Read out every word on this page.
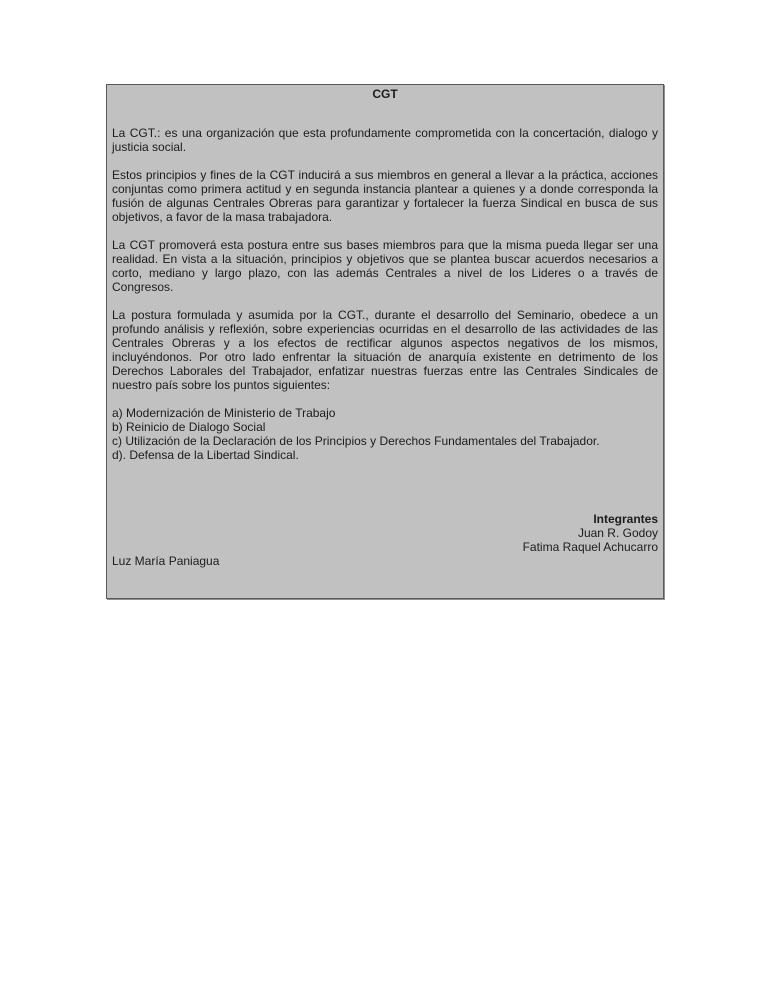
CGT
La CGT.: es una organización que esta profundamente comprometida con la concertación, dialogo y justicia social.
Estos principios y fines de la CGT inducirá a sus miembros en general a llevar a la práctica, acciones conjuntas como primera actitud y en segunda instancia plantear a quienes y a donde corresponda la fusión de algunas Centrales Obreras para garantizar y fortalecer la fuerza Sindical en busca de sus objetivos, a favor de la masa trabajadora.
La CGT promoverá esta postura entre sus bases miembros para que la misma pueda llegar ser una realidad. En vista a la situación, principios y objetivos que se plantea buscar acuerdos necesarios a corto, mediano y largo plazo, con las además Centrales a nivel de los Lideres o a través de Congresos.
La postura formulada y asumida por la CGT., durante el desarrollo del Seminario, obedece a un profundo análisis y reflexión, sobre experiencias ocurridas en el desarrollo de las actividades de las Centrales Obreras y a los efectos de rectificar algunos aspectos negativos de los mismos, incluyéndonos. Por otro lado enfrentar la situación de anarquía existente en detrimento de los Derechos Laborales del Trabajador, enfatizar nuestras fuerzas entre las Centrales Sindicales de nuestro país sobre los puntos siguientes:
a) Modernización de Ministerio de Trabajo
b) Reinicio de Dialogo Social
c) Utilización de la Declaración de los Principios y Derechos Fundamentales del Trabajador.
d). Defensa de la Libertad Sindical.
Integrantes
Juan R. Godoy
Fatima Raquel Achucarro
Luz María Paniagua
